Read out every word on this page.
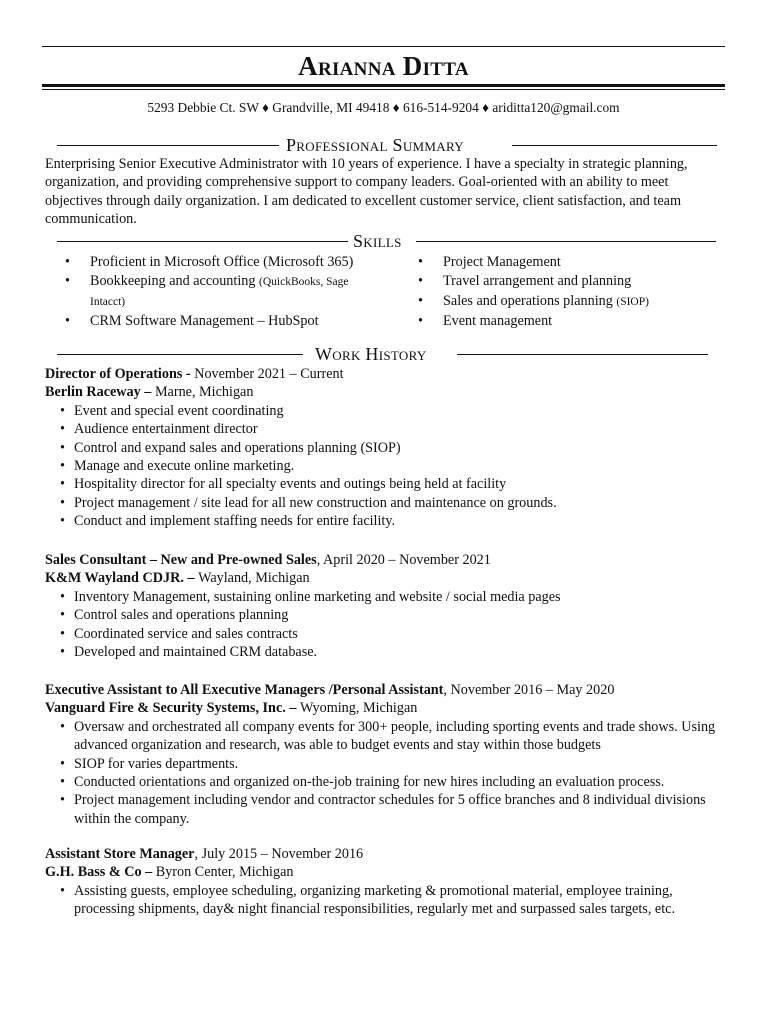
Arianna Ditta
5293 Debbie Ct. SW ♦ Grandville, MI 49418 ♦ 616-514-9204 ♦ ariditta120@gmail.com
Professional Summary
Enterprising Senior Executive Administrator with 10 years of experience. I have a specialty in strategic planning, organization, and providing comprehensive support to company leaders. Goal-oriented with an ability to meet objectives through daily organization. I am dedicated to excellent customer service, client satisfaction, and team communication.
Skills
• Proficient in Microsoft Office (Microsoft 365)
• Bookkeeping and accounting (QuickBooks, Sage Intacct)
• CRM Software Management – HubSpot
• Project Management
• Travel arrangement and planning
• Sales and operations planning (SIOP)
• Event management
Work History
Director of Operations - November 2021 – Current
Berlin Raceway – Marne, Michigan
• Event and special event coordinating
• Audience entertainment director
• Control and expand sales and operations planning (SIOP)
• Manage and execute online marketing.
• Hospitality director for all specialty events and outings being held at facility
• Project management / site lead for all new construction and maintenance on grounds.
• Conduct and implement staffing needs for entire facility.
Sales Consultant – New and Pre-owned Sales, April 2020 – November 2021
K&M Wayland CDJR. – Wayland, Michigan
• Inventory Management, sustaining online marketing and website / social media pages
• Control sales and operations planning
• Coordinated service and sales contracts
• Developed and maintained CRM database.
Executive Assistant to All Executive Managers /Personal Assistant, November 2016 – May 2020
Vanguard Fire & Security Systems, Inc. – Wyoming, Michigan
• Oversaw and orchestrated all company events for 300+ people, including sporting events and trade shows. Using advanced organization and research, was able to budget events and stay within those budgets
• SIOP for varies departments.
• Conducted orientations and organized on-the-job training for new hires including an evaluation process.
• Project management including vendor and contractor schedules for 5 office branches and 8 individual divisions within the company.
Assistant Store Manager, July 2015 – November 2016
G.H. Bass & Co – Byron Center, Michigan
• Assisting guests, employee scheduling, organizing marketing & promotional material, employee training, processing shipments, day& night financial responsibilities, regularly met and surpassed sales targets, etc.
